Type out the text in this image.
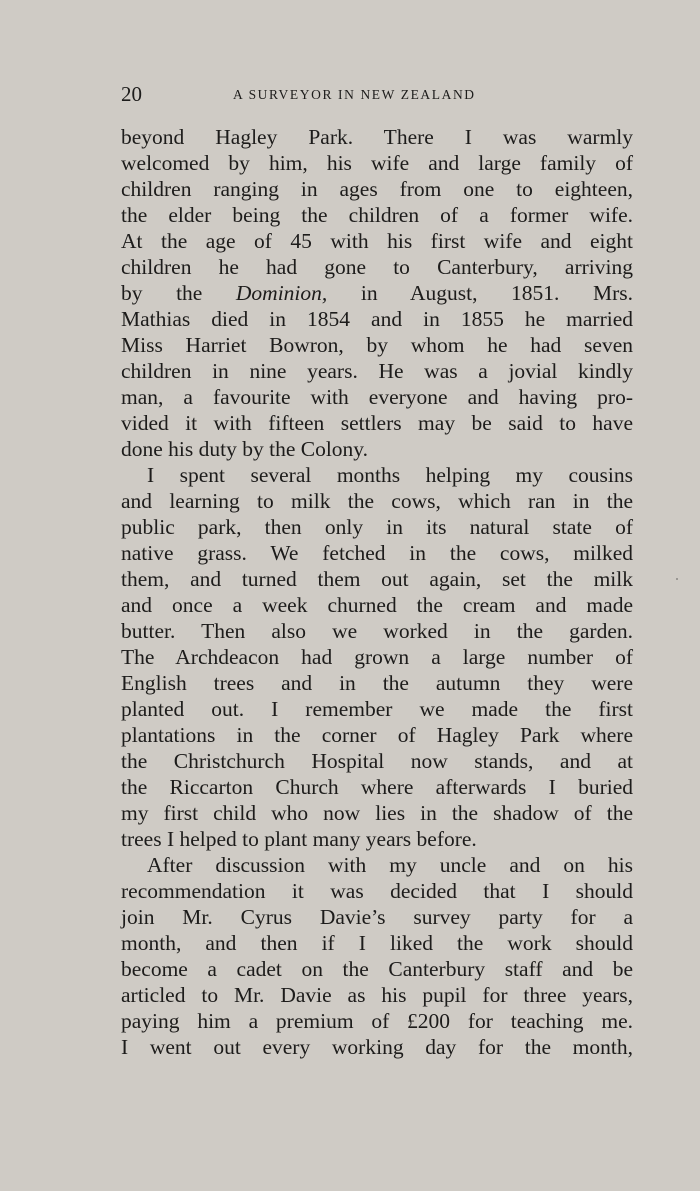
20	A SURVEYOR IN NEW ZEALAND
beyond Hagley Park. There I was warmly
welcomed by him, his wife and large family of
children ranging in ages from one to eighteen,
the elder being the children of a former wife.
At the age of 45 with his first wife and eight
children he had gone to Canterbury, arriving
by the Dominion, in August, 1851. Mrs.
Mathias died in 1854 and in 1855 he married
Miss Harriet Bowron, by whom he had seven
children in nine years. He was a jovial kindly
man, a favourite with everyone and having pro-
vided it with fifteen settlers may be said to have
done his duty by the Colony.
I spent several months helping my cousins
and learning to milk the cows, which ran in the
public park, then only in its natural state of
native grass. We fetched in the cows, milked
them, and turned them out again, set the milk
and once a week churned the cream and made
butter. Then also we worked in the garden.
The Archdeacon had grown a large number of
English trees and in the autumn they were
planted out. I remember we made the first
plantations in the corner of Hagley Park where
the Christchurch Hospital now stands, and at
the Riccarton Church where afterwards I buried
my first child who now lies in the shadow of the
trees I helped to plant many years before.
After discussion with my uncle and on his
recommendation it was decided that I should
join Mr. Cyrus Davie’s survey party for a
month, and then if I liked the work should
become a cadet on the Canterbury staff and be
articled to Mr. Davie as his pupil for three years,
paying him a premium of £200 for teaching me.
I went out every working day for the month,
